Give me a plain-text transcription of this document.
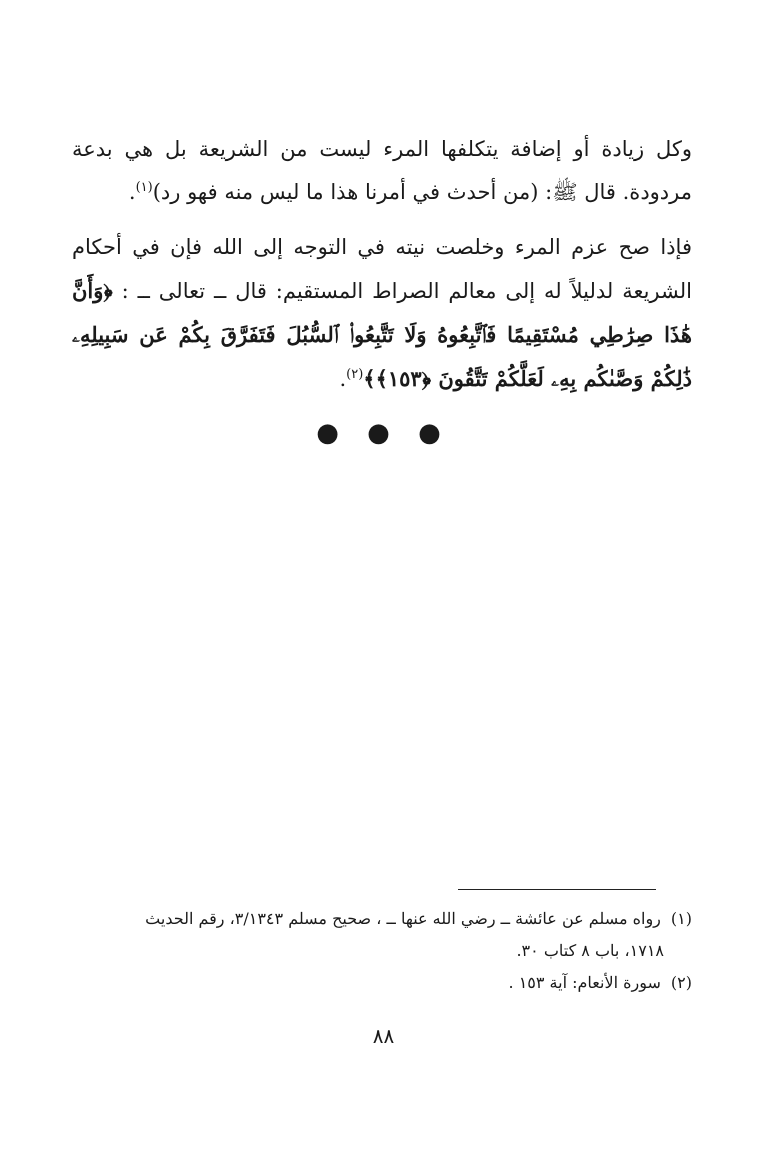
وكل زيادة أو إضافة يتكلفها المرء ليست من الشريعة بل هي بدعة مردودة. قال ﷺ: (من أحدث في أمرنا هذا ما ليس منه فهو رد)$^{(١)}$.

فإذا صح عزم المرء وخلصت نيته في التوجه إلى الله فإن في أحكام الشريعة لدليلاً له إلى معالم الصراط المستقيم: قال ــ تعالى ــ : ﴿وَأَنَّ هَٰذَا صِرَٰطِي مُسْتَقِيمًا فَٱتَّبِعُوهُ وَلَا تَتَّبِعُوا۟ ٱلسُّبُلَ فَتَفَرَّقَ بِكُمْ عَن سَبِيلِهِۦ ذَٰلِكُمْ وَصَّىٰكُم بِهِۦ لَعَلَّكُمْ تَتَّقُونَ ﴿١٥٣﴾﴾$^{(٢)}$.

● ● ●

(١)رواه مسلم عن عائشة ــ رضي الله عنها ــ ، صحيح مسلم ٣/١٣٤٣، رقم الحديث

١٧١٨، باب ٨ كتاب ٣٠.

(٢)سورة الأنعام: آية ١٥٣ .

٨٨
